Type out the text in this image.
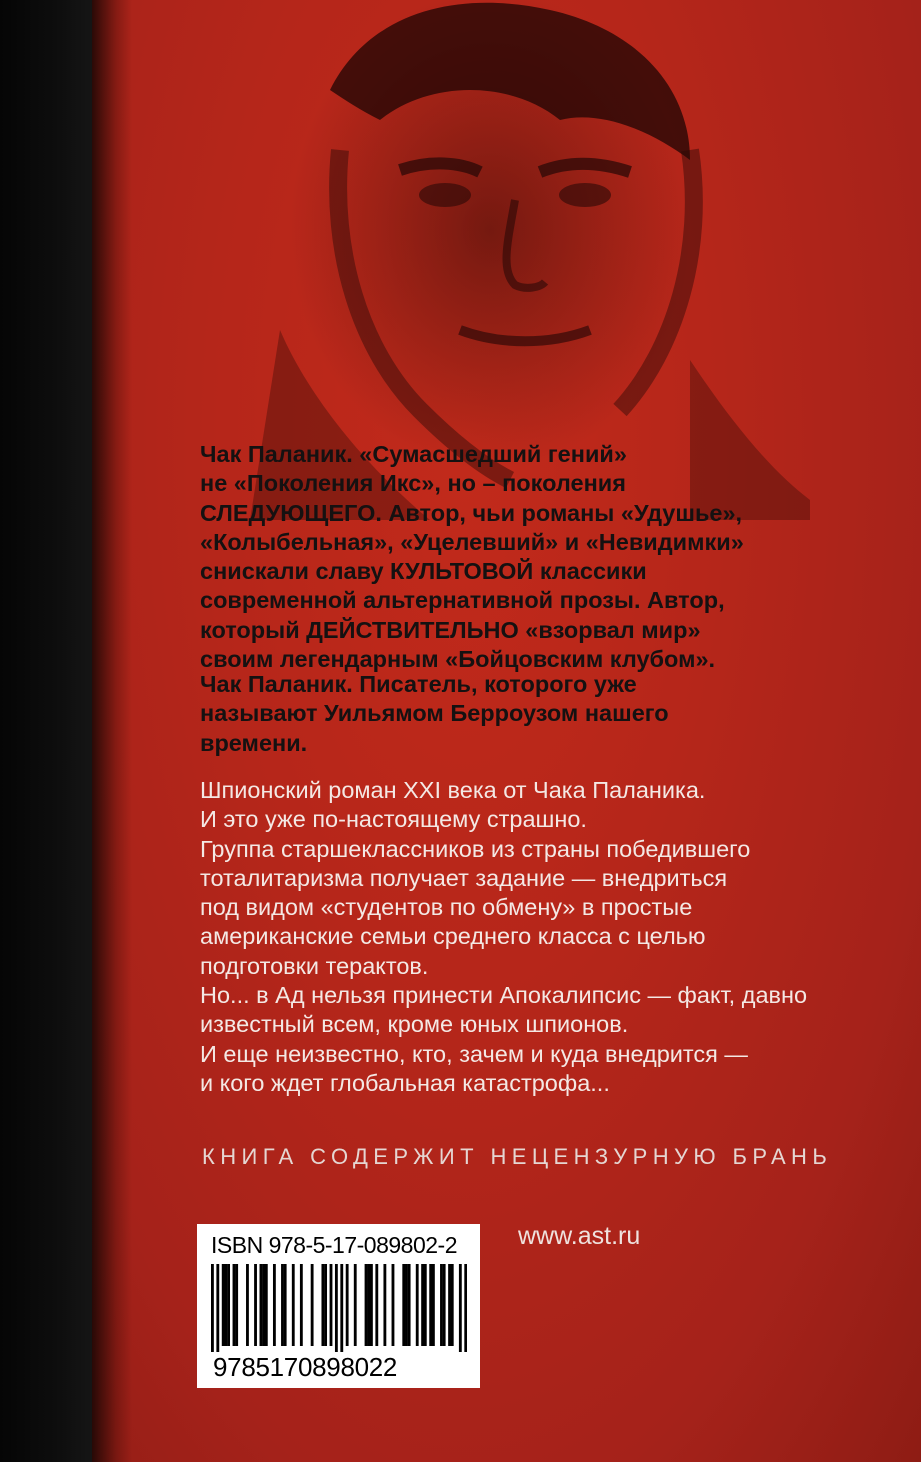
Чак Паланик. «Сумасшедший гений»
не «Поколения Икс», но – поколения
СЛЕДУЮЩЕГО. Автор, чьи романы «Удушье»,
«Колыбельная», «Уцелевший» и «Невидимки»
снискали славу КУЛЬТОВОЙ классики
современной альтернативной прозы. Автор,
который ДЕЙСТВИТЕЛЬНО «взорвал мир»
своим легендарным «Бойцовским клубом».

Чак Паланик. Писатель, которого уже
называют Уильямом Берроузом нашего
времени.

Шпионский роман XXI века от Чака Паланика.
И это уже по-настоящему страшно.
Группа старшеклассников из страны победившего
тоталитаризма получает задание — внедриться
под видом «студентов по обмену» в простые
американские семьи среднего класса с целью
подготовки терактов.
Но... в Ад нельзя принести Апокалипсис — факт, давно
известный всем, кроме юных шпионов.
И еще неизвестно, кто, зачем и куда внедрится —
и кого ждет глобальная катастрофа...

КНИГА СОДЕРЖИТ НЕЦЕНЗУРНУЮ БРАНЬ

ISBN 978-5-17-089802-2
9785170898022

www.ast.ru
